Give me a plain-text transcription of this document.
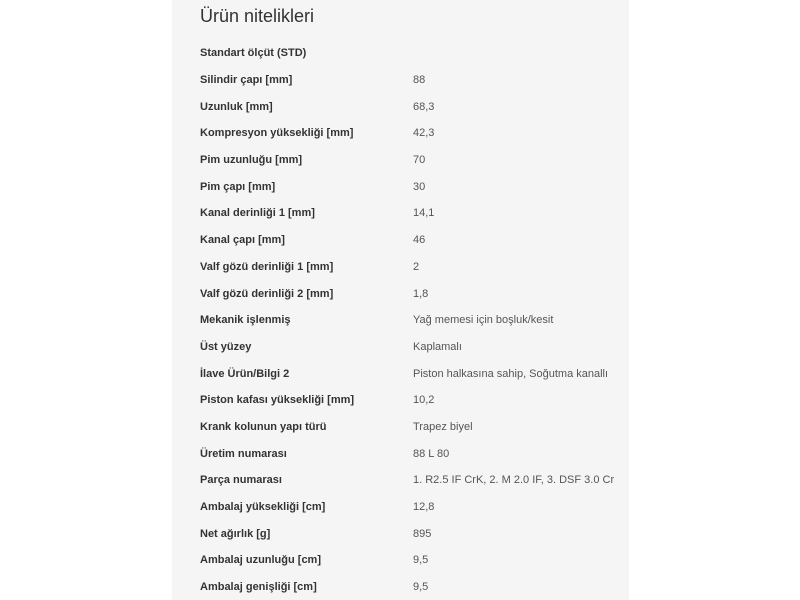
Ürün nitelikleri
Standart ölçüt (STD)
Silindir çapı [mm]	88
Uzunluk [mm]	68,3
Kompresyon yüksekliği [mm]	42,3
Pim uzunluğu [mm]	70
Pim çapı [mm]	30
Kanal derinliği 1 [mm]	14,1
Kanal çapı [mm]	46
Valf gözü derinliği 1 [mm]	2
Valf gözü derinliği 2 [mm]	1,8
Mekanik işlenmiş	Yağ memesi için boşluk/kesit
Üst yüzey	Kaplamalı
İlave Ürün/Bilgi 2	Piston halkasına sahip, Soğutma kanallı
Piston kafası yüksekliği [mm]	10,2
Krank kolunun yapı türü	Trapez biyel
Üretim numarası	88 L 80
Parça numarası	1. R2.5 IF CrK, 2. M 2.0 IF, 3. DSF 3.0 Cr
Ambalaj yüksekliği [cm]	12,8
Net ağırlık [g]	895
Ambalaj uzunluğu [cm]	9,5
Ambalaj genişliği [cm]	9,5
